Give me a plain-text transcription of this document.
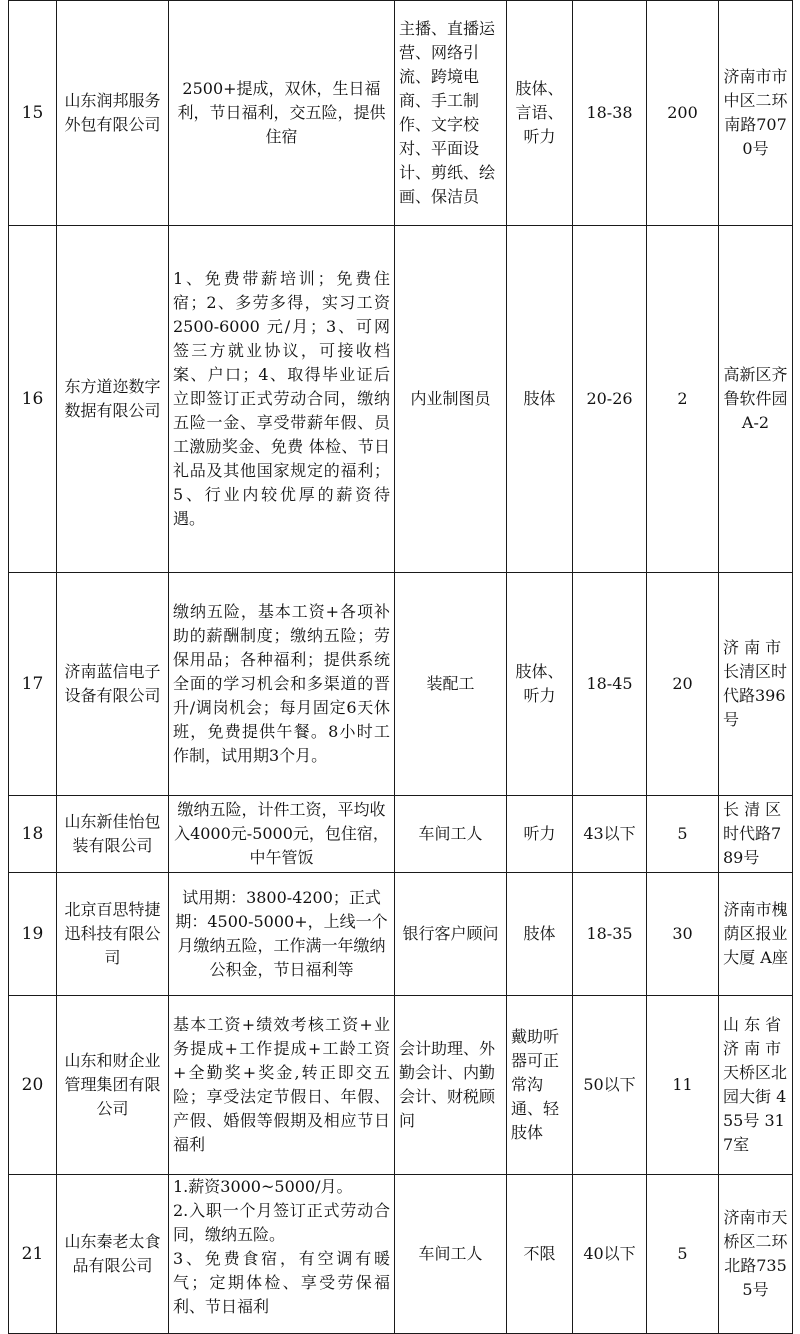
15	山东润邦服务外包有限公司	2500+提成，双休，生日福利，节日福利，交五险，提供住宿	主播、直播运营、网络引流、跨境电商、手工制作、文字校对、平面设计、剪纸、绘画、保洁员	肢体、言语、听力	18-38	200	济南市市中区二环南路7070号
16	东方道迩数字数据有限公司	1、免费带薪培训；免费住宿；2、多劳多得，实习工资 2500-6000 元/月；3、可网签三方就业协议，可接收档案、户口；4、取得毕业证后立即签订正式劳动合同，缴纳五险一金、享受带薪年假、员工激励奖金、免费 体检、节日礼品及其他国家规定的福利；5、行业内较优厚的薪资待遇。	内业制图员	肢体	20-26	2	高新区齐鲁软件园A-2
17	济南蓝信电子设备有限公司	缴纳五险，基本工资+各项补助的薪酬制度；缴纳五险；劳保用品；各种福利；提供系统全面的学习机会和多渠道的晋升/调岗机会；每月固定6天休班，免费提供午餐。8小时工作制，试用期3个月。	装配工	肢体、听力	18-45	20	济 南 市长清区时代路396号
18	山东新佳怡包装有限公司	缴纳五险，计件工资，平均收入4000元-5000元，包住宿，中午管饭	车间工人	听力	43以下	5	长 清 区时代路789号
19	北京百思特捷迅科技有限公司	试用期：3800-4200；正式期：4500-5000+，上线一个月缴纳五险，工作满一年缴纳公积金，节日福利等	银行客户顾问	肢体	18-35	30	济南市槐荫区报业大厦 A座
20	山东和财企业管理集团有限公司	基本工资+绩效考核工资+业务提成+工作提成+工龄工资+全勤奖+奖金,转正即交五险；享受法定节假日、年假、产假、婚假等假期及相应节日福利	会计助理、外勤会计、内勤会计、财税顾问	戴助听器可正常沟通、轻肢体	50以下	11	山 东 省济 南 市天桥区北园大街 455号 317室
21	山东秦老太食品有限公司	1.薪资3000~5000/月。
2.入职一个月签订正式劳动合同，缴纳五险。
3、免费食宿，有空调有暖气；定期体检、享受劳保福利、节日福利	车间工人	不限	40以下	5	济南市天桥区二环北路7355号
